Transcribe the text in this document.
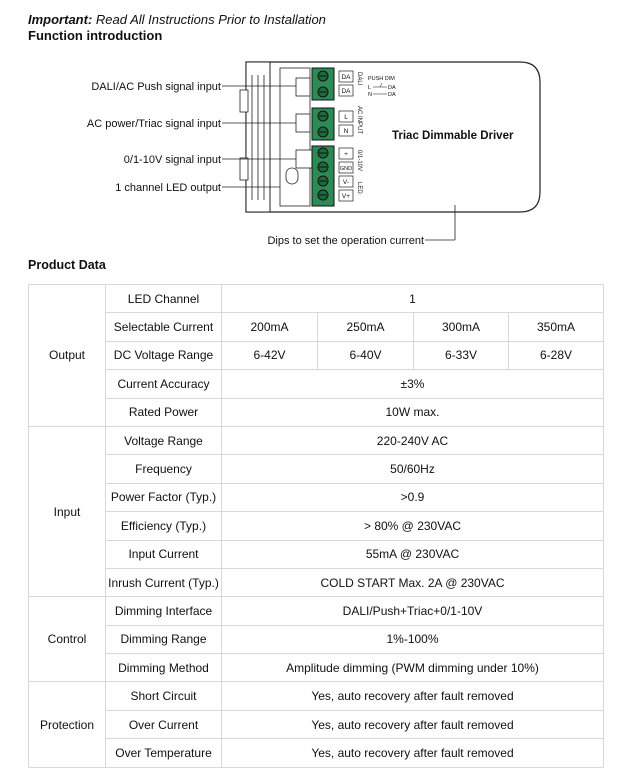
Important: Read All Instructions Prior to Installation
Function introduction
DA
DA
L
N
+
GND
V-
V+
DALI
AC INPUT
0/1-10V
LED
PUSH DIM
L
N
DA
DA
Triac Dimmable Driver
DALI/AC Push signal input
AC power/Triac signal input
0/1-10V signal input
1 channel LED output
Dips to set the operation current
Product Data
Output	LED Channel	1			
	Selectable Current	200mA	250mA	300mA	350mA
	DC Voltage Range	6-42V	6-40V	6-33V	6-28V
	Current Accuracy	±3%			
	Rated Power	10W max.			
Input	Voltage Range	220-240V AC			
	Frequency	50/60Hz			
	Power Factor (Typ.)	>0.9			
	Efficiency (Typ.)	> 80% @ 230VAC			
	Input Current	55mA @ 230VAC			
	Inrush Current (Typ.)	COLD START Max. 2A @ 230VAC			
Control	Dimming Interface	DALI/Push+Triac+0/1-10V			
	Dimming Range	1%-100%			
	Dimming Method	Amplitude dimming (PWM dimming under 10%)			
Protection	Short Circuit	Yes, auto recovery after fault removed			
	Over Current	Yes, auto recovery after fault removed			
	Over Temperature	Yes, auto recovery after fault removed			
